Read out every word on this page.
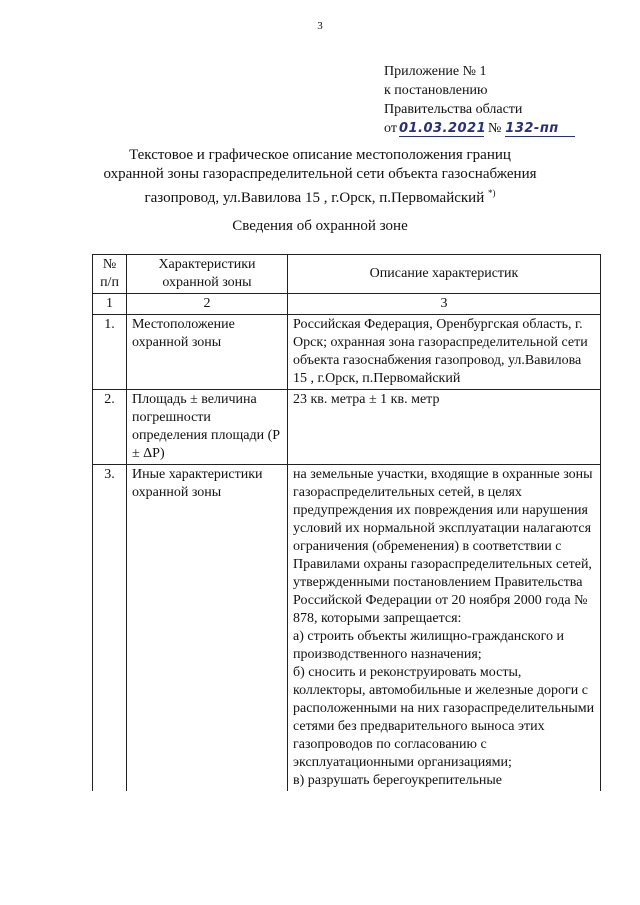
3
Приложение № 1
к постановлению
Правительства области
от 01.03.2021 № 132-пп
Текстовое и графическое описание местоположения границ
охранной зоны газораспределительной сети объекта газоснабжения
газопровод, ул.Вавилова 15 , г.Орск, п.Первомайский *)
Сведения об охранной зоне
№ п/п	Характеристики охранной зоны	Описание характеристик
1	2	3
1.	Местоположение охранной зоны	Российская Федерация, Оренбургская область, г. Орск; охранная зона газораспределительной сети объекта газоснабжения газопровод, ул.Вавилова 15 , г.Орск, п.Первомайский
2.	Площадь ± величина погрешности определения площади (P ± ΔP)	23 кв. метра ± 1 кв. метр
3.	Иные характеристики охранной зоны	на земельные участки, входящие в охранные зоны газораспределительных сетей, в целях предупреждения их повреждения или нарушения условий их нормальной эксплуатации налагаются ограничения (обременения) в соответствии с Правилами охраны газораспределительных сетей, утвержденными постановлением Правительства Российской Федерации от 20 ноября 2000 года № 878, которыми запрещается:
а) строить объекты жилищно-гражданского и производственного назначения;
б) сносить и реконструировать мосты, коллекторы, автомобильные и железные дороги с расположенными на них газораспределительными сетями без предварительного выноса этих газопроводов по согласованию с эксплуатационными организациями;
в) разрушать берегоукрепительные
